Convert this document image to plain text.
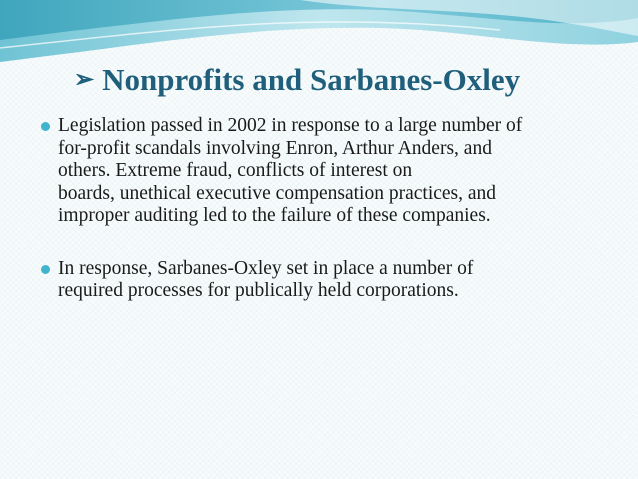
➢ Nonprofits and Sarbanes-Oxley
Legislation passed in 2002 in response to a large number of
for-profit scandals involving Enron, Arthur Anders, and
others. Extreme fraud, conflicts of interest on
boards, unethical executive compensation practices, and
improper auditing led to the failure of these companies.
In response, Sarbanes-Oxley set in place a number of
required processes for publically held corporations.
